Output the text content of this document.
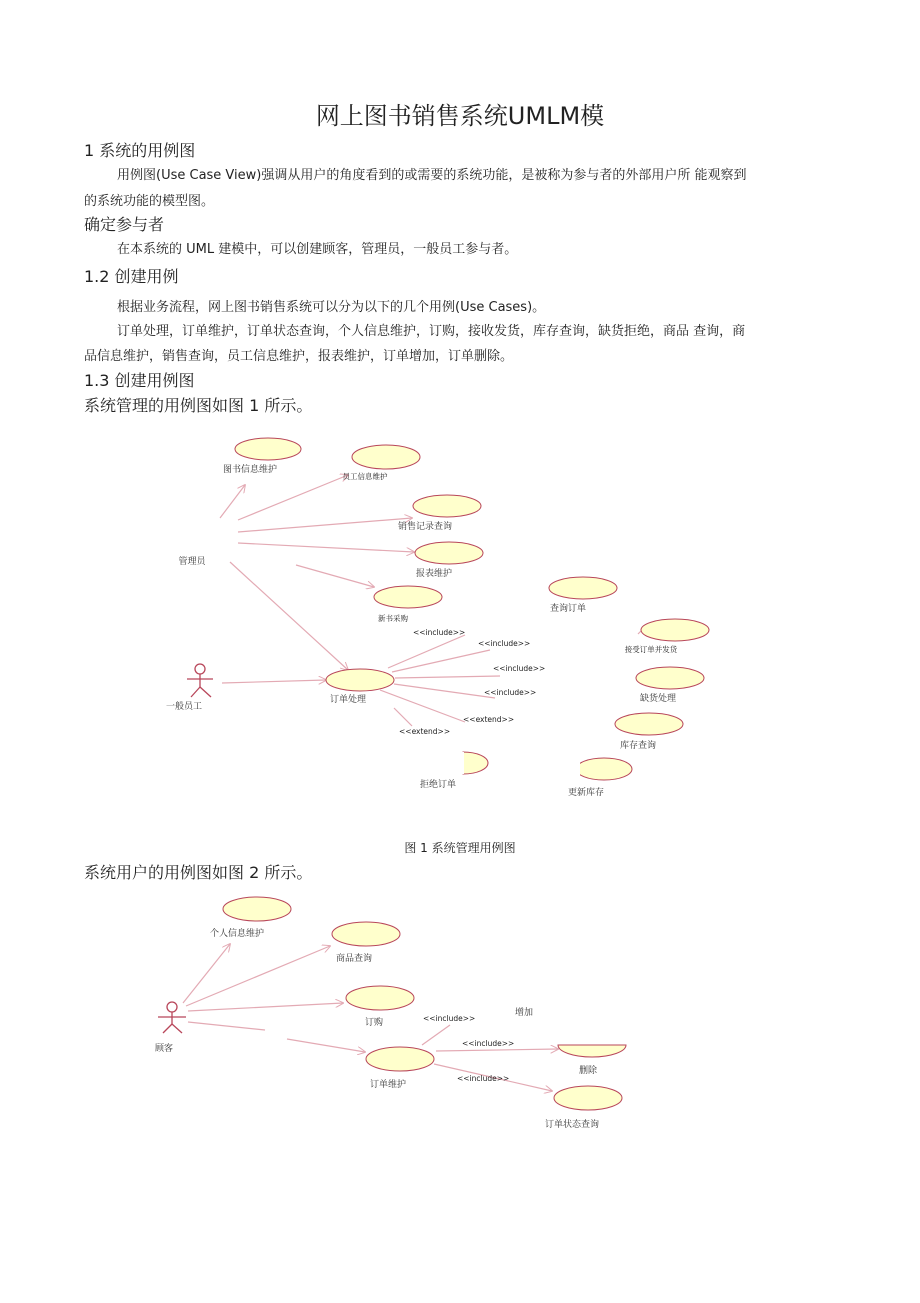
网上图书销售系统UMLM模
1 系统的用例图
用例图(Use Case View)强调从用户的角度看到的或需要的系统功能，是被称为参与者的外部用户所 能观察到
的系统功能的模型图。
确定参与者
在本系统的 UML 建模中，可以创建顾客，管理员，一般员工参与者。
1.2 创建用例
根据业务流程，网上图书销售系统可以分为以下的几个用例(Use Cases)。
订单处理，订单维护，订单状态查询，个人信息维护，订购，接收发货，库存查询，缺货拒绝，商品 查询，商
品信息维护，销售查询，员工信息维护，报表维护，订单增加，订单删除。
1.3 创建用例图
系统管理的用例图如图 1 所示。
图书信息维护
员工信息维护
销售记录查询
报表维护
新书采购
查询订单
接受订单并发货
订单处理	缺货处理
库存查询
拒绝订单
更新库存
<<include>>
<<include>>
<<include>>
<<include>>
<<extend>>
<<extend>>
管理员
一般员工
图 1 系统管理用例图
系统用户的用例图如图 2 所示。
个人信息维护
商品查询
订购
订单维护
删除
订单状态查询
增加
<<include>>
<<include>>
<<include>>
顾客
